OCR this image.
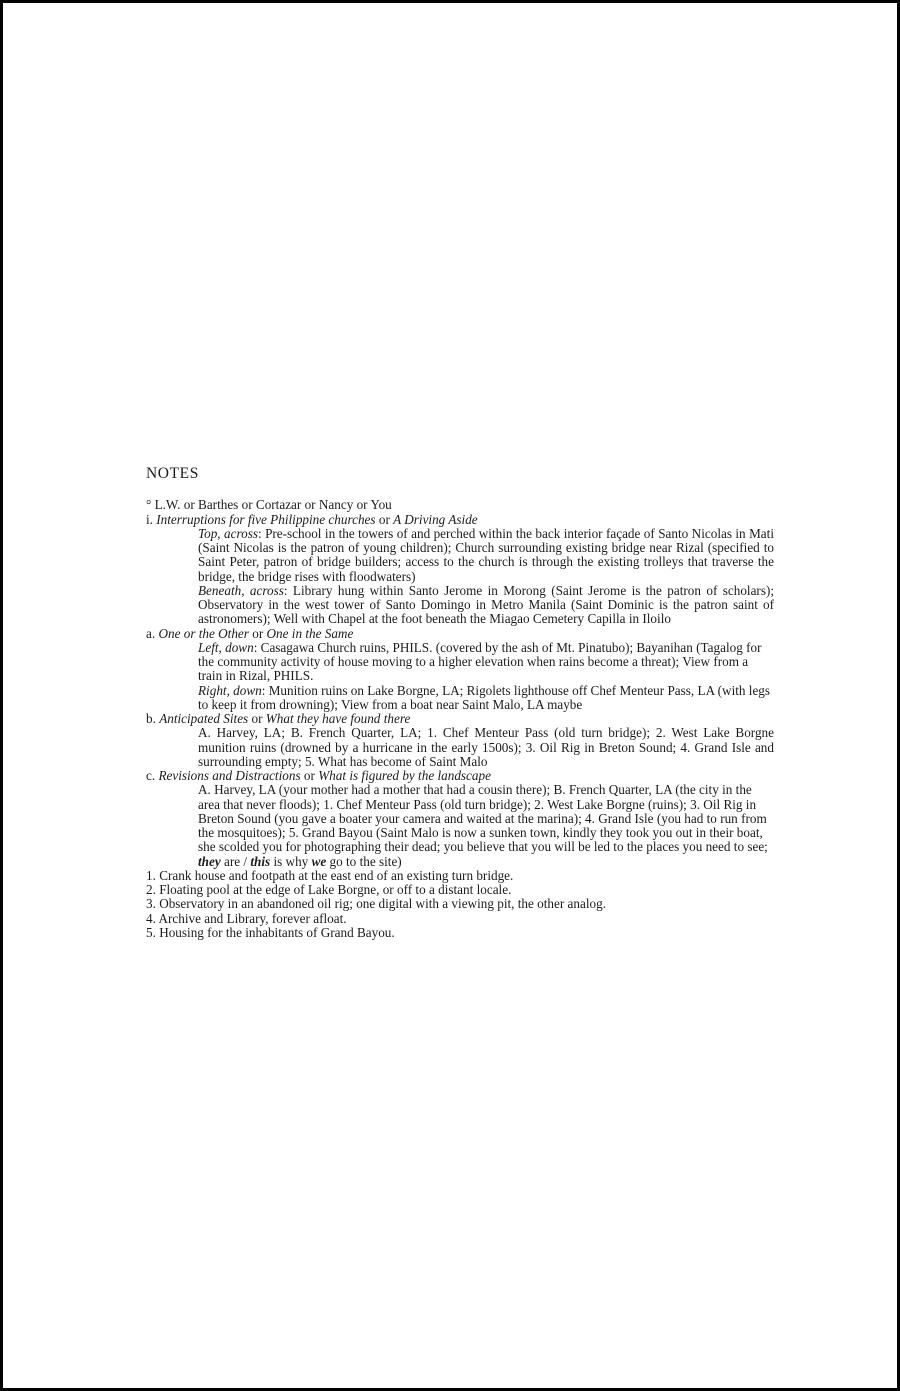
NOTES

° L.W. or Barthes or Cortazar or Nancy or You

i. Interruptions for five Philippine churches or A Driving Aside

Top, across: Pre-school in the towers of and perched within the back interior façade of Santo Nicolas in Mati (Saint Nicolas is the patron of young children); Church surrounding existing bridge near Rizal (specified to Saint Peter, patron of bridge builders; access to the church is through the existing trolleys that traverse the bridge, the bridge rises with floodwaters)

Beneath, across: Library hung within Santo Jerome in Morong (Saint Jerome is the patron of scholars); Observatory in the west tower of Santo Domingo in Metro Manila (Saint Dominic is the patron saint of astronomers); Well with Chapel at the foot beneath the Miagao Cemetery Capilla in Iloilo

a. One or the Other or One in the Same

Left, down: Casagawa Church ruins, PHILS. (covered by the ash of Mt. Pinatubo); Bayanihan (Tagalog for the community activity of house moving to a higher elevation when rains become a threat); View from a train in Rizal, PHILS.

Right, down: Munition ruins on Lake Borgne, LA; Rigolets lighthouse off Chef Menteur Pass, LA (with legs to keep it from drowning); View from a boat near Saint Malo, LA maybe

b. Anticipated Sites or What they have found there

A. Harvey, LA; B. French Quarter, LA; 1. Chef Menteur Pass (old turn bridge); 2. West Lake Borgne munition ruins (drowned by a hurricane in the early 1500s); 3. Oil Rig in Breton Sound; 4. Grand Isle and surrounding empty; 5. What has become of Saint Malo

c. Revisions and Distractions or What is figured by the landscape

A. Harvey, LA (your mother had a mother that had a cousin there); B. French Quarter, LA (the city in the area that never floods); 1. Chef Menteur Pass (old turn bridge); 2. West Lake Borgne (ruins); 3. Oil Rig in Breton Sound (you gave a boater your camera and waited at the marina); 4. Grand Isle (you had to run from the mosquitoes); 5. Grand Bayou (Saint Malo is now a sunken town, kindly they took you out in their boat, she scolded you for photographing their dead; you believe that you will be led to the places you need to see; they are / this is why we go to the site)

1. Crank house and footpath at the east end of an existing turn bridge.

2. Floating pool at the edge of Lake Borgne, or off to a distant locale.

3. Observatory in an abandoned oil rig; one digital with a viewing pit, the other analog.

4. Archive and Library, forever afloat.

5. Housing for the inhabitants of Grand Bayou.
